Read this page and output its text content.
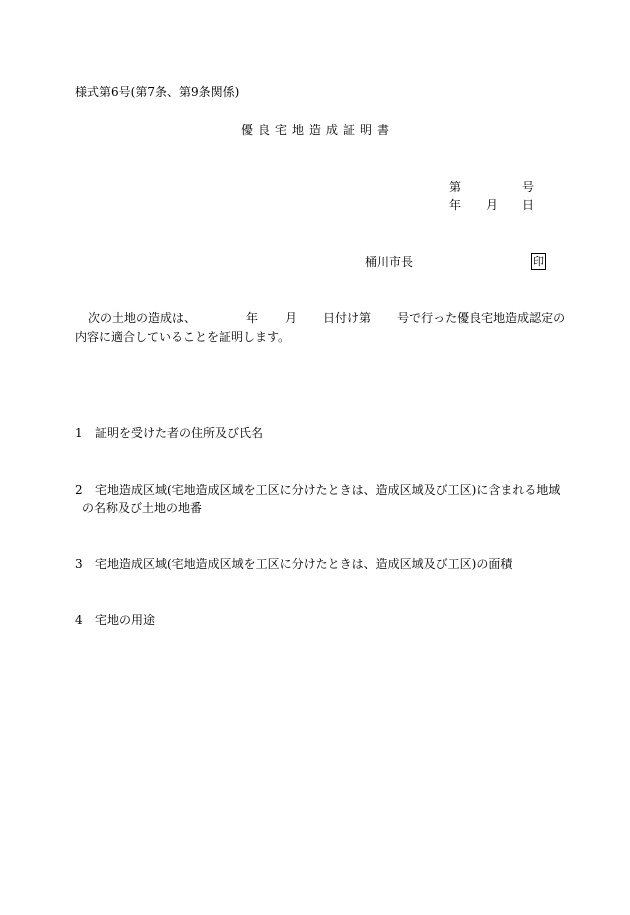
様式第6号(第7条、第9条関係)
優良宅地造成証明書
第	号
年 月 日
桶川市長	印
次の土地の造成は、	年 月 日付け第 号で行った優良宅地造成認定の
内容に適合していることを証明します。
1 証明を受けた者の住所及び氏名
2 宅地造成区域(宅地造成区域を工区に分けたときは、造成区域及び工区)に含まれる地域
の名称及び土地の地番
3 宅地造成区域(宅地造成区域を工区に分けたときは、造成区域及び工区)の面積
4 宅地の用途
